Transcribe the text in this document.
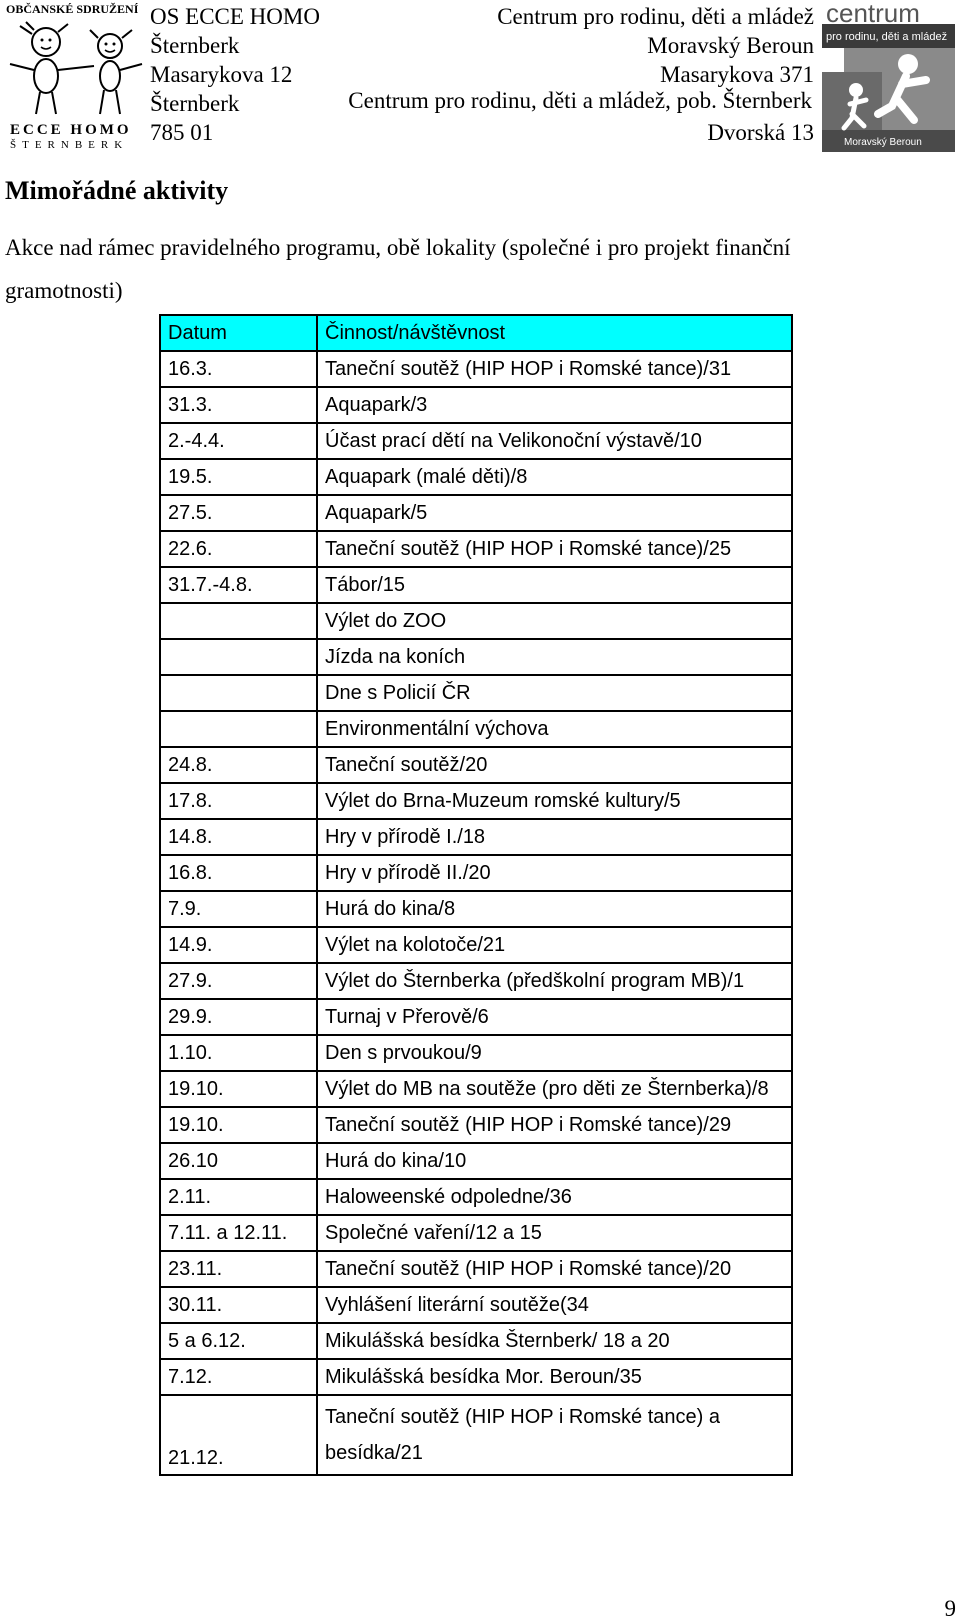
OBČANSKÉ SDRUŽENÍ
ECCE HOMO
ŠTERNBERK
OS ECCE HOMO
Šternberk
Masarykova 12
Šternberk
785 01
Centrum pro rodinu, děti a mládež
Moravský Beroun
Masarykova 371
Dvorská 13
Centrum pro rodinu, děti a mládež, pob. Šternberk
centrum
pro rodinu, děti a mládež
Moravský Beroun
Mimořádné aktivity
Akce nad rámec pravidelného programu, obě lokality (společné i pro projekt finanční gramotnosti)
Datum	Činnost/návštěvnost
16.3.	Taneční soutěž (HIP HOP i Romské tance)/31
31.3.	Aquapark/3
2.-4.4.	Účast prací dětí na Velikonoční výstavě/10
19.5.	Aquapark (malé děti)/8
27.5.	Aquapark/5
22.6.	Taneční soutěž (HIP HOP i Romské tance)/25
31.7.-4.8.	Tábor/15
	Výlet do ZOO
	Jízda na koních
	Dne s Policií ČR
	Environmentální výchova
24.8.	Taneční soutěž/20
17.8.	Výlet do Brna-Muzeum romské kultury/5
14.8.	Hry v přírodě I./18
16.8.	Hry v přírodě II./20
7.9.	Hurá do kina/8
14.9.	Výlet na kolotoče/21
27.9.	Výlet do Šternberka (předškolní program MB)/1
29.9.	Turnaj v Přerově/6
1.10.	Den s prvoukou/9
19.10.	Výlet do MB na soutěže (pro děti ze Šternberka)/8
19.10.	Taneční soutěž (HIP HOP i Romské tance)/29
26.10	Hurá do kina/10
2.11.	Haloweenské odpoledne/36
7.11. a 12.11.	Společné vaření/12 a 15
23.11.	Taneční soutěž (HIP HOP i Romské tance)/20
30.11.	Vyhlášení literární soutěže(34
5 a 6.12.	Mikulášská besídka Šternberk/ 18 a 20
7.12.	Mikulášská besídka Mor. Beroun/35
21.12.	Taneční soutěž (HIP HOP i Romské tance) a besídka/21
9
